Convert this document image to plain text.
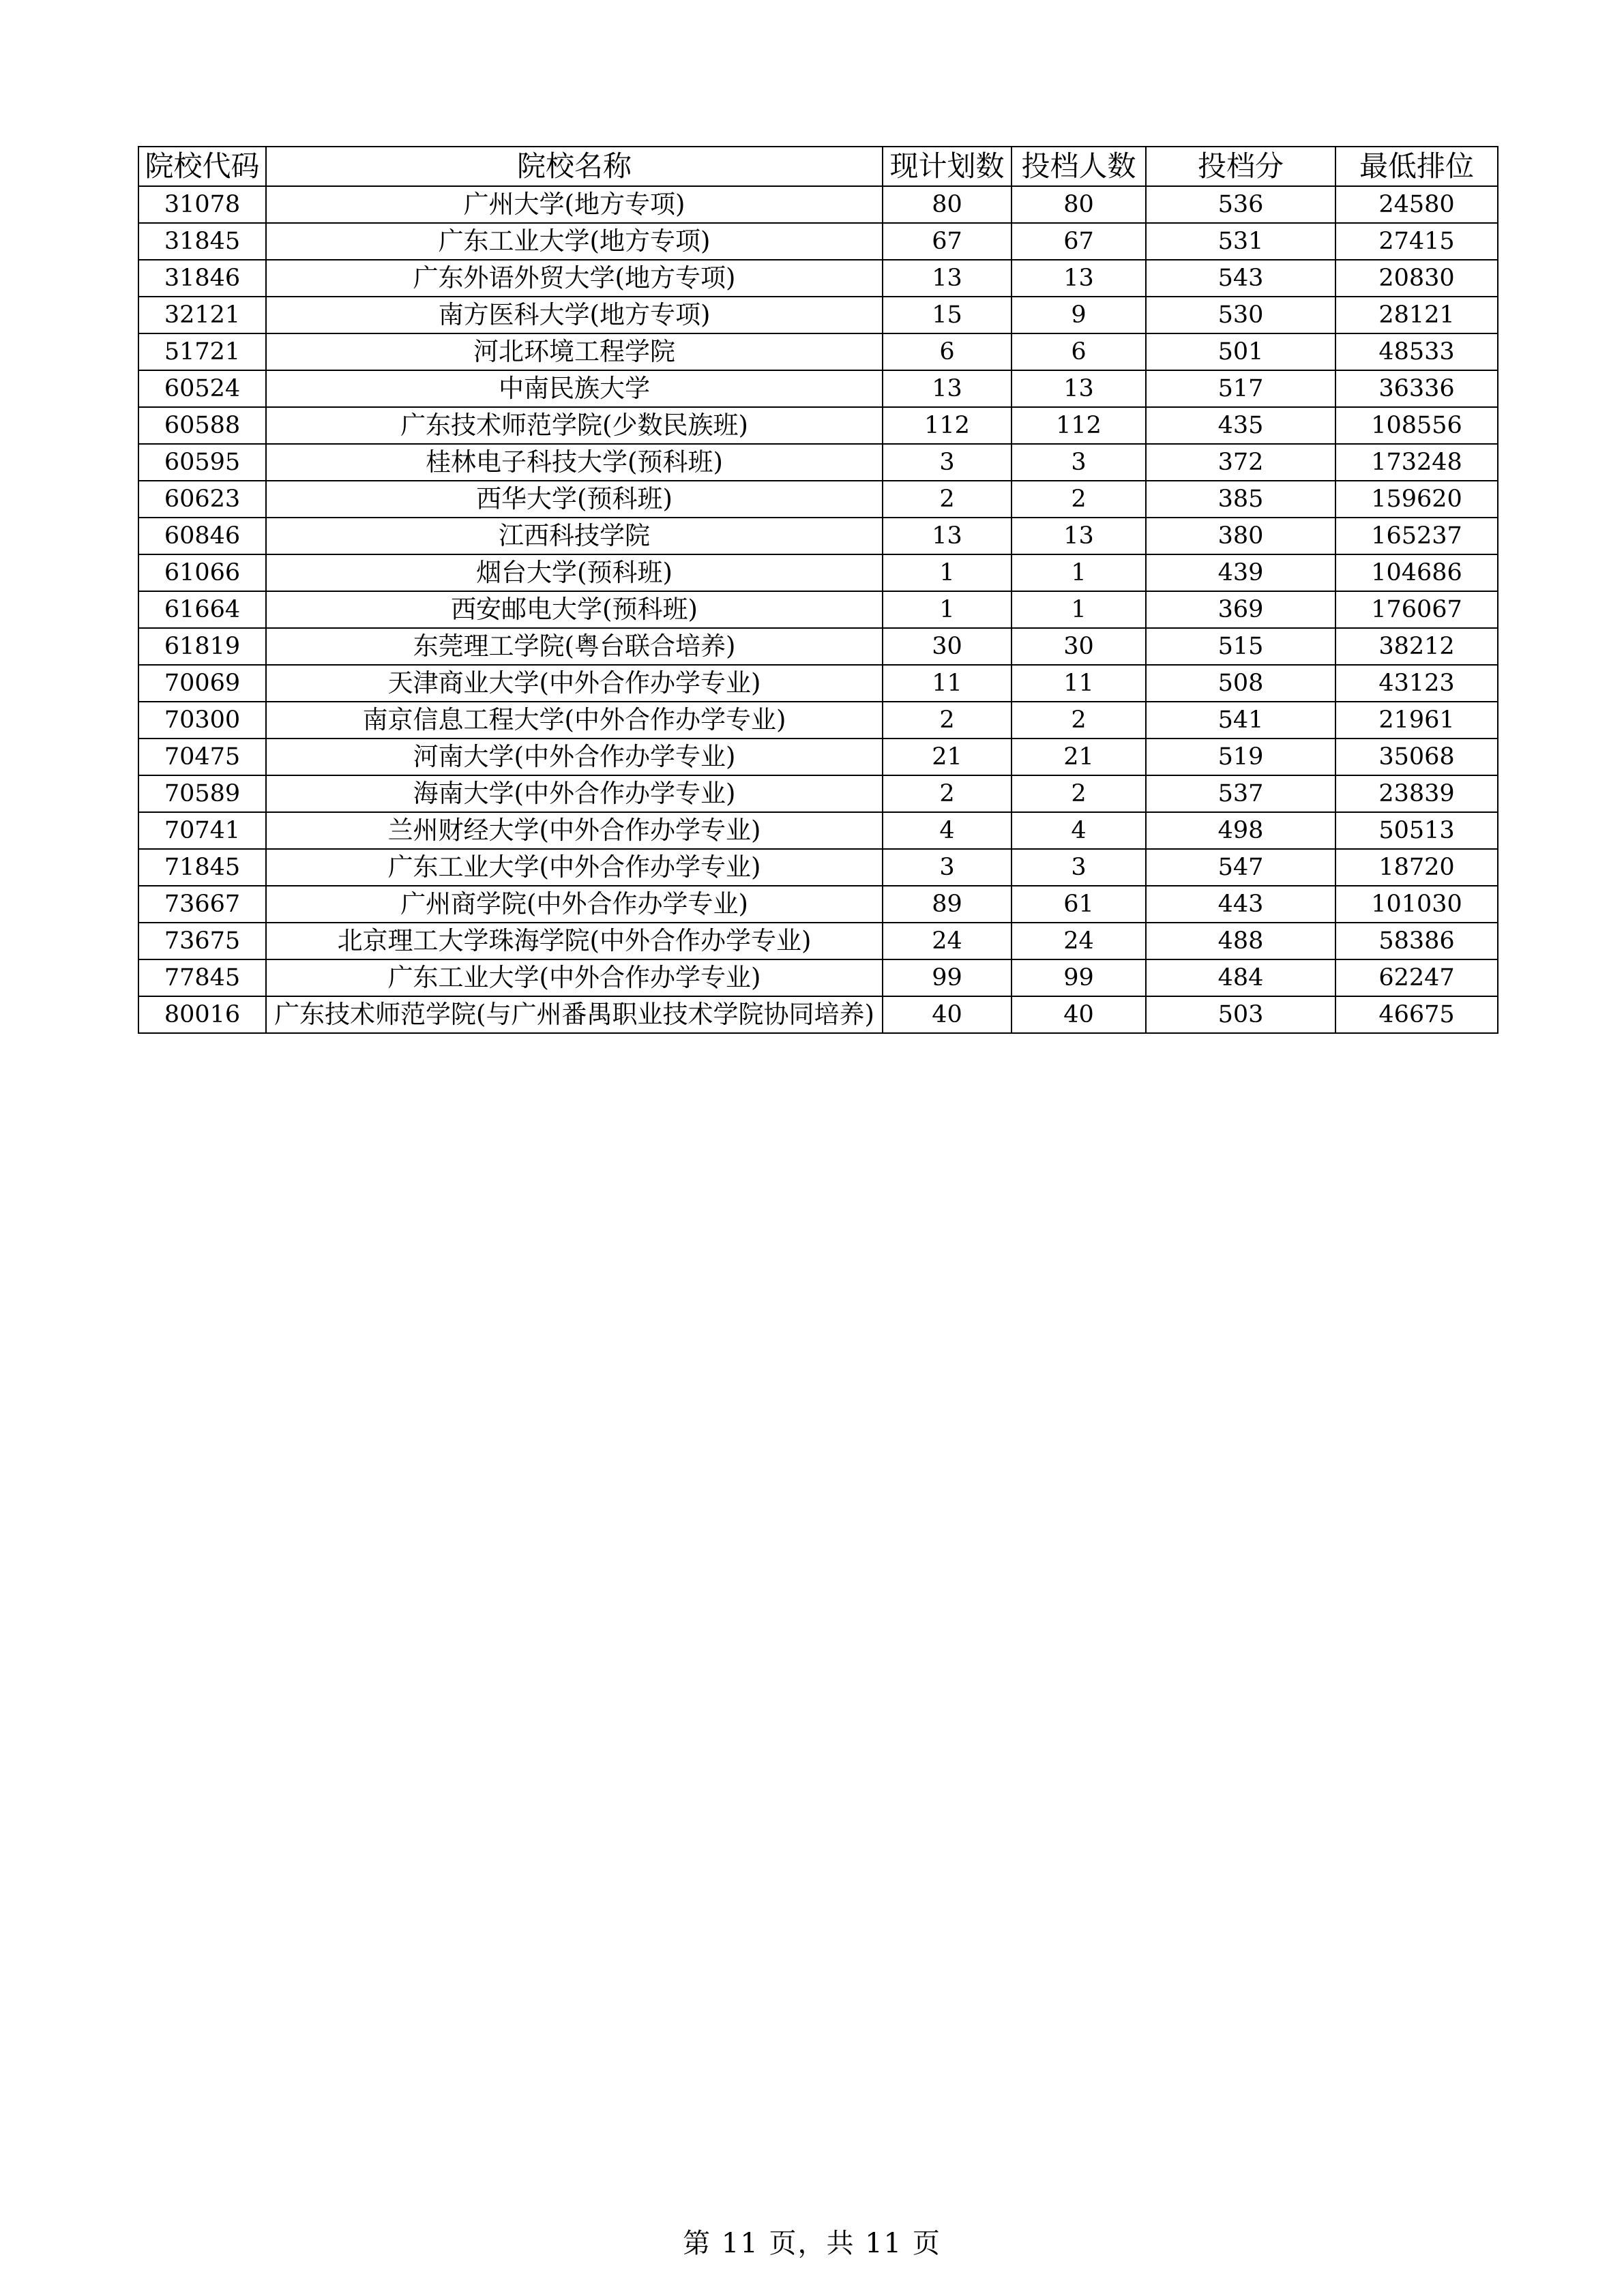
院校代码	院校名称	现计划数	投档人数	投档分	最低排位
31078	广州大学(地方专项)	80	80	536	24580
31845	广东工业大学(地方专项)	67	67	531	27415
31846	广东外语外贸大学(地方专项)	13	13	543	20830
32121	南方医科大学(地方专项)	15	9	530	28121
51721	河北环境工程学院	6	6	501	48533
60524	中南民族大学	13	13	517	36336
60588	广东技术师范学院(少数民族班)	112	112	435	108556
60595	桂林电子科技大学(预科班)	3	3	372	173248
60623	西华大学(预科班)	2	2	385	159620
60846	江西科技学院	13	13	380	165237
61066	烟台大学(预科班)	1	1	439	104686
61664	西安邮电大学(预科班)	1	1	369	176067
61819	东莞理工学院(粤台联合培养)	30	30	515	38212
70069	天津商业大学(中外合作办学专业)	11	11	508	43123
70300	南京信息工程大学(中外合作办学专业)	2	2	541	21961
70475	河南大学(中外合作办学专业)	21	21	519	35068
70589	海南大学(中外合作办学专业)	2	2	537	23839
70741	兰州财经大学(中外合作办学专业)	4	4	498	50513
71845	广东工业大学(中外合作办学专业)	3	3	547	18720
73667	广州商学院(中外合作办学专业)	89	61	443	101030
73675	北京理工大学珠海学院(中外合作办学专业)	24	24	488	58386
77845	广东工业大学(中外合作办学专业)	99	99	484	62247
80016	广东技术师范学院(与广州番禺职业技术学院协同培养)	40	40	503	46675
第 11 页，共 11 页
